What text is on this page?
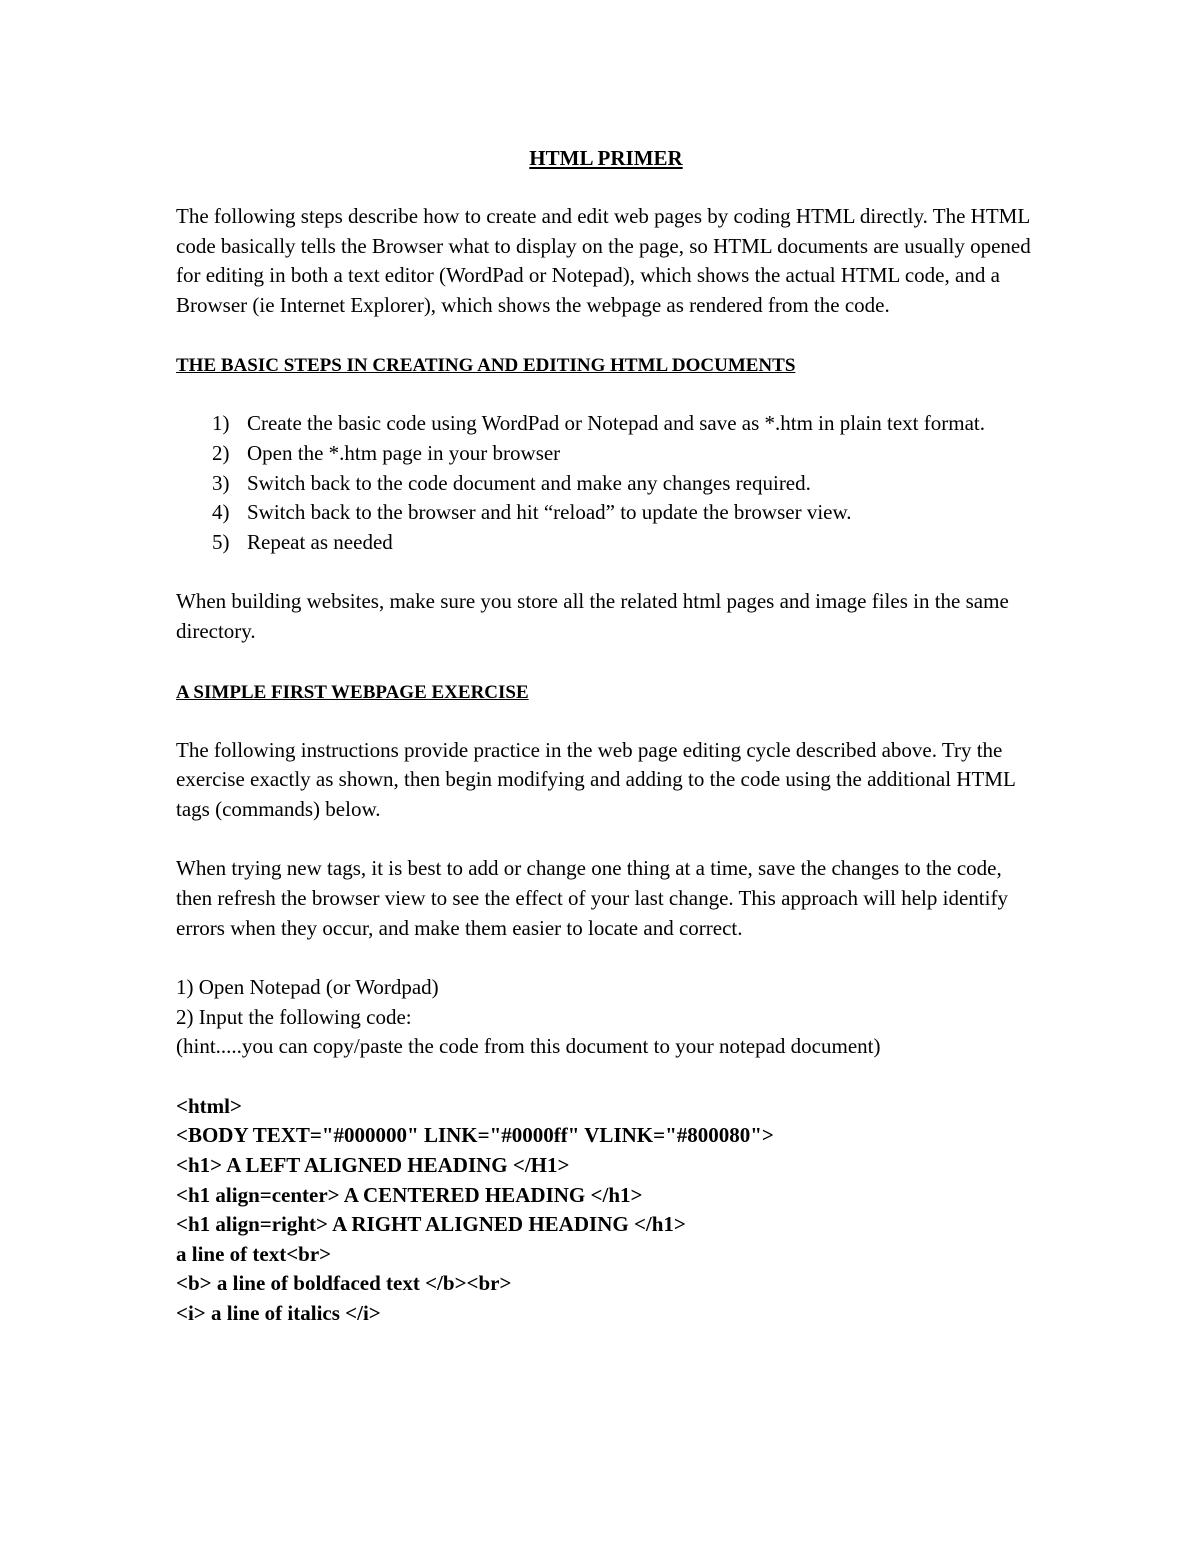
HTML PRIMER

The following steps describe how to create and edit web pages by coding HTML directly. The HTML code basically tells the Browser what to display on the page, so HTML documents are usually opened for editing in both a text editor (WordPad or Notepad), which shows the actual HTML code, and a Browser (ie Internet Explorer), which shows the webpage as rendered from the code.

THE BASIC STEPS IN CREATING AND EDITING HTML DOCUMENTS
1) Create the basic code using WordPad or Notepad and save as *.htm in plain text format.
2) Open the *.htm page in your browser
3) Switch back to the code document and make any changes required.
4) Switch back to the browser and hit “reload” to update the browser view.
5) Repeat as needed

When building websites, make sure you store all the related html pages and image files in the same directory.

A SIMPLE FIRST WEBPAGE EXERCISE

The following instructions provide practice in the web page editing cycle described above. Try the exercise exactly as shown, then begin modifying and adding to the code using the additional HTML tags (commands) below.

When trying new tags, it is best to add or change one thing at a time, save the changes to the code, then refresh the browser view to see the effect of your last change. This approach will help identify errors when they occur, and make them easier to locate and correct.

1) Open Notepad (or Wordpad)

2) Input the following code:

(hint.....you can copy/paste the code from this document to your notepad document)

<html>

<BODY TEXT="#000000" LINK="#0000ff" VLINK="#800080">

<h1> A LEFT ALIGNED HEADING </H1>

<h1 align=center> A CENTERED HEADING </h1>

<h1 align=right> A RIGHT ALIGNED HEADING </h1>

a line of text<br>

<b> a line of boldfaced text </b><br>

<i> a line of italics </i>
